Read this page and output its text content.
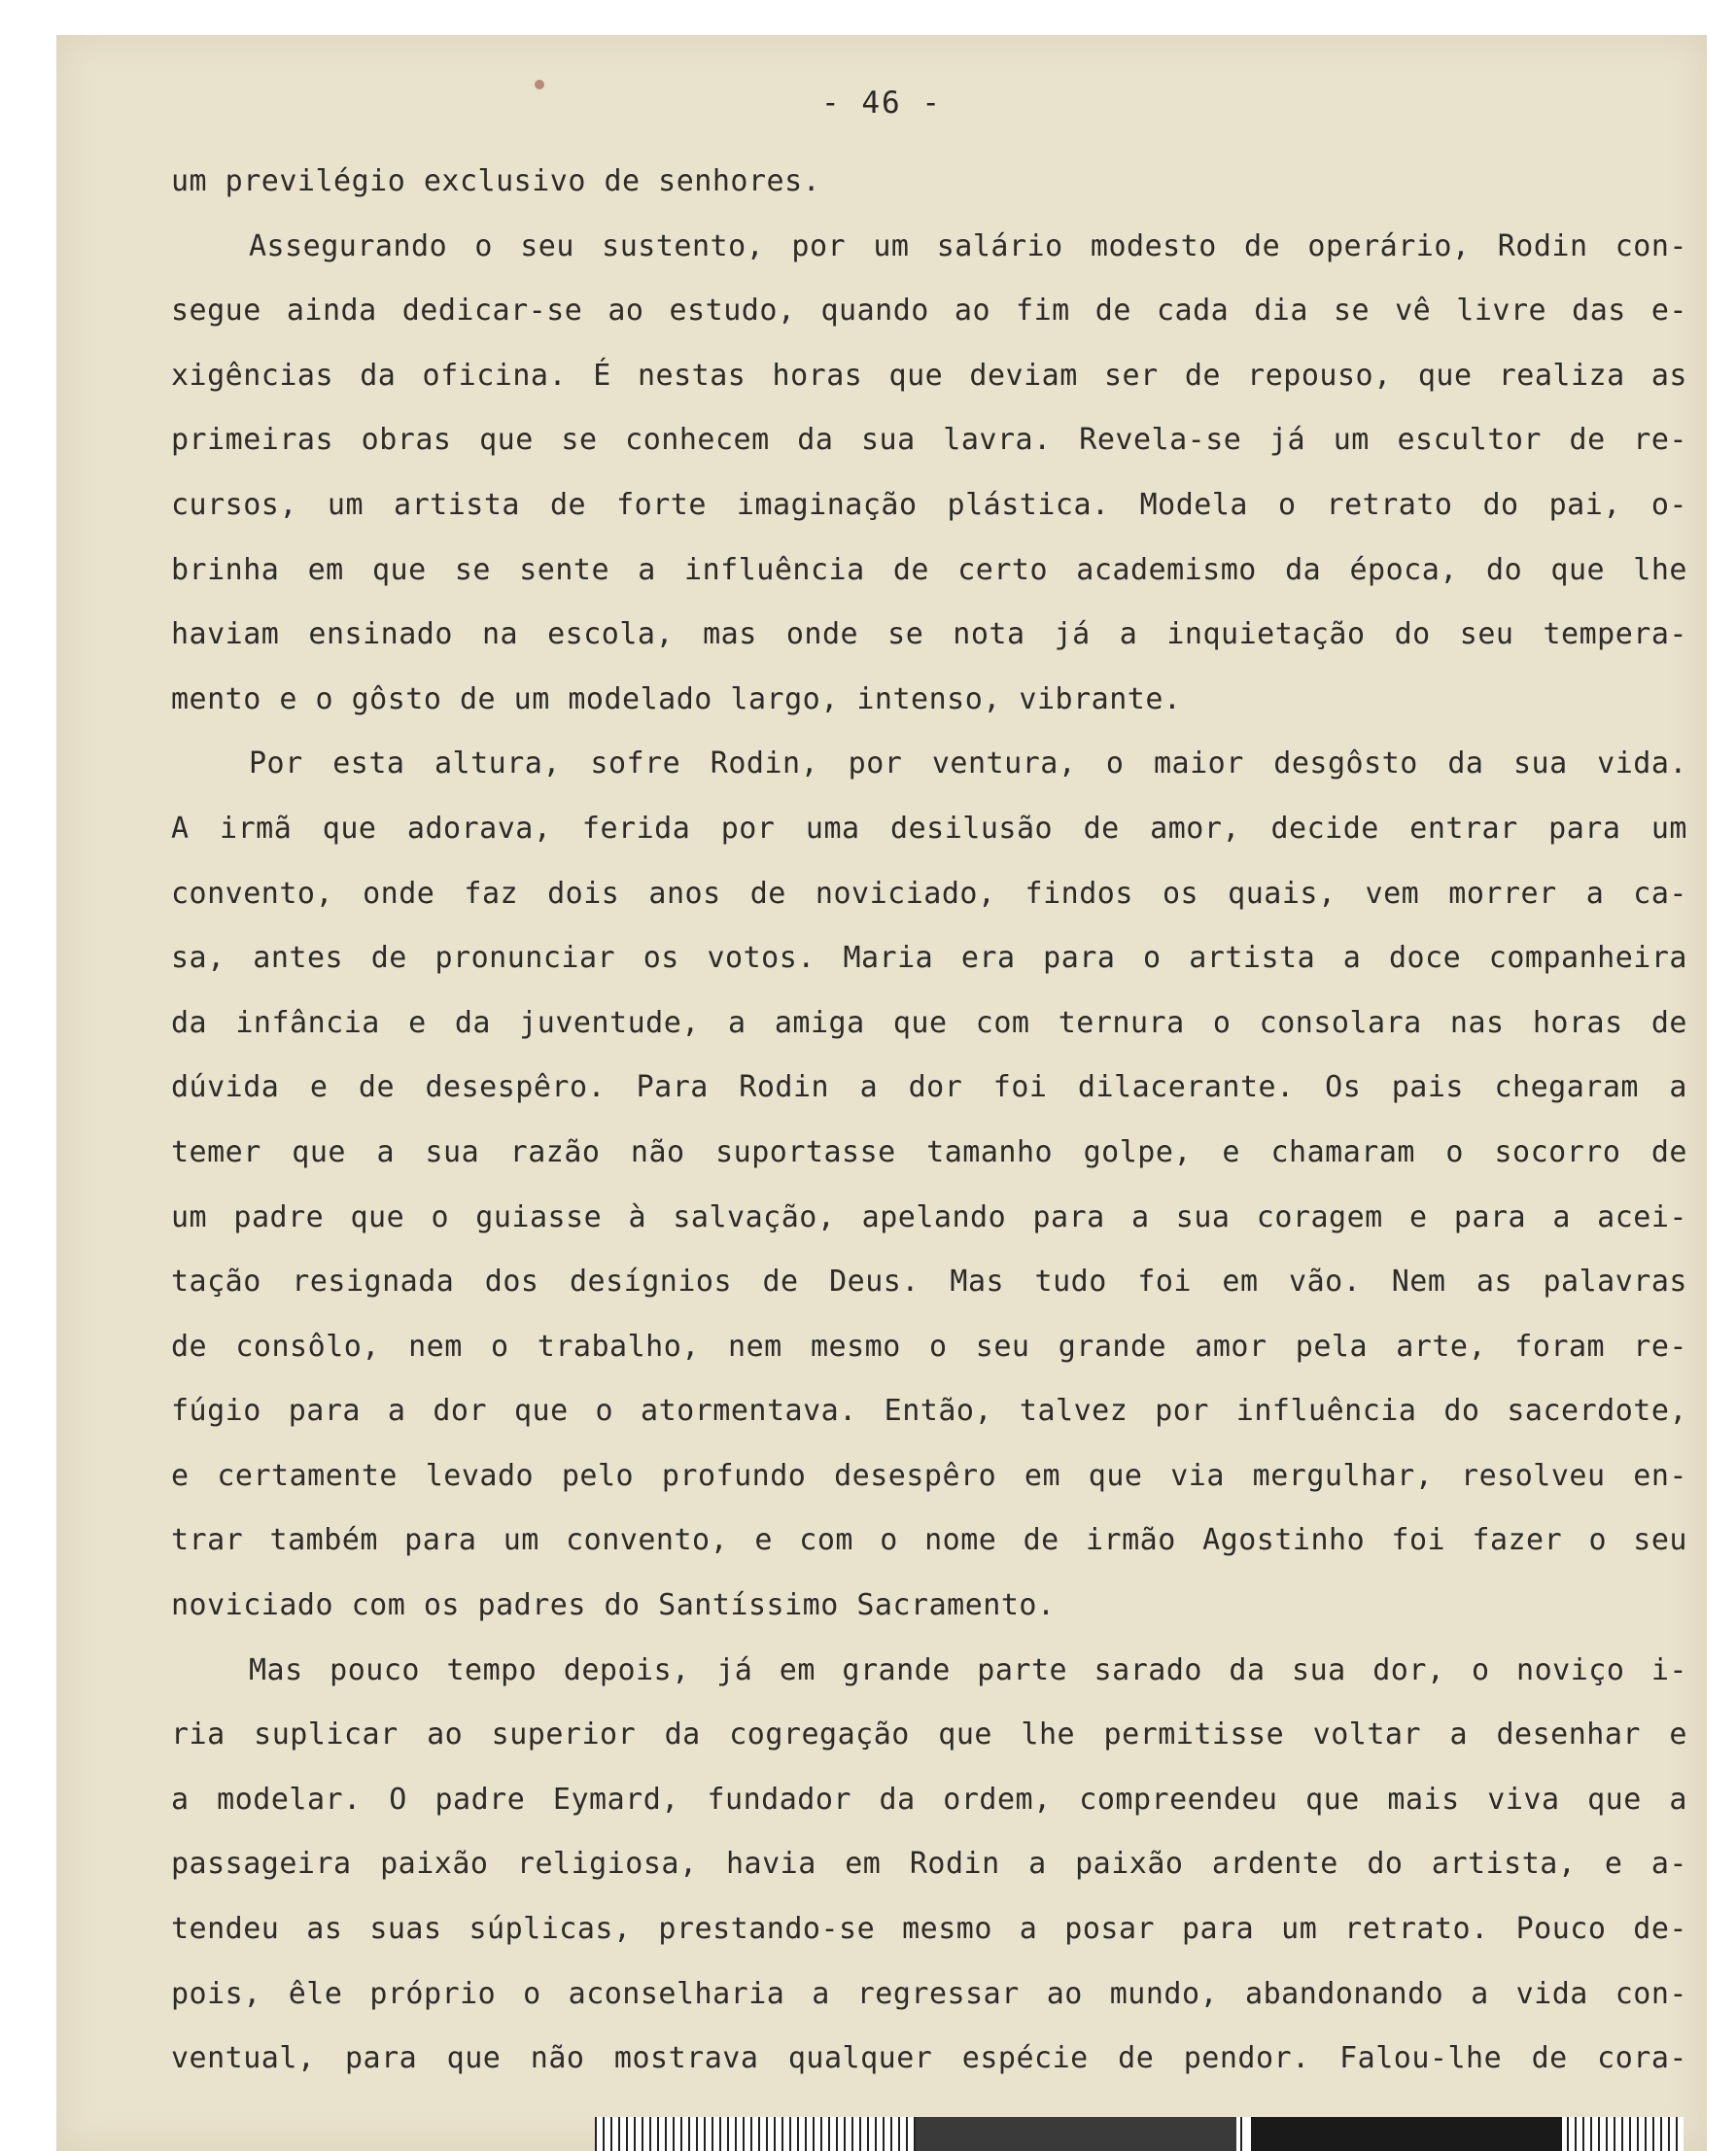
- 46 -
um previlégio exclusivo de senhores.
Assegurando o seu sustento, por um salário modesto de operário, Rodin con-
segue ainda dedicar-se ao estudo, quando ao fim de cada dia se vê livre das e-
xigências da oficina. É nestas horas que deviam ser de repouso, que realiza as
primeiras obras que se conhecem da sua lavra. Revela-se já um escultor de re-
cursos, um artista de forte imaginação plástica. Modela o retrato do pai, o-
brinha em que se sente a influência de certo academismo da época, do que lhe
haviam ensinado na escola, mas onde se nota já a inquietação do seu tempera-
mento e o gôsto de um modelado largo, intenso, vibrante.
Por esta altura, sofre Rodin, por ventura, o maior desgôsto da sua vida.
A irmã que adorava, ferida por uma desilusão de amor, decide entrar para um
convento, onde faz dois anos de noviciado, findos os quais, vem morrer a ca-
sa, antes de pronunciar os votos. Maria era para o artista a doce companheira
da infância e da juventude, a amiga que com ternura o consolara nas horas de
dúvida e de desespêro. Para Rodin a dor foi dilacerante. Os pais chegaram a
temer que a sua razão não suportasse tamanho golpe, e chamaram o socorro de
um padre que o guiasse à salvação, apelando para a sua coragem e para a acei-
tação resignada dos desígnios de Deus. Mas tudo foi em vão. Nem as palavras
de consôlo, nem o trabalho, nem mesmo o seu grande amor pela arte, foram re-
fúgio para a dor que o atormentava. Então, talvez por influência do sacerdote,
e certamente levado pelo profundo desespêro em que via mergulhar, resolveu en-
trar também para um convento, e com o nome de irmão Agostinho foi fazer o seu
noviciado com os padres do Santíssimo Sacramento.
Mas pouco tempo depois, já em grande parte sarado da sua dor, o noviço i-
ria suplicar ao superior da cogregação que lhe permitisse voltar a desenhar e
a modelar. O padre Eymard, fundador da ordem, compreendeu que mais viva que a
passageira paixão religiosa, havia em Rodin a paixão ardente do artista, e a-
tendeu as suas súplicas, prestando-se mesmo a posar para um retrato. Pouco de-
pois, êle próprio o aconselharia a regressar ao mundo, abandonando a vida con-
ventual, para que não mostrava qualquer espécie de pendor. Falou-lhe de cora-
